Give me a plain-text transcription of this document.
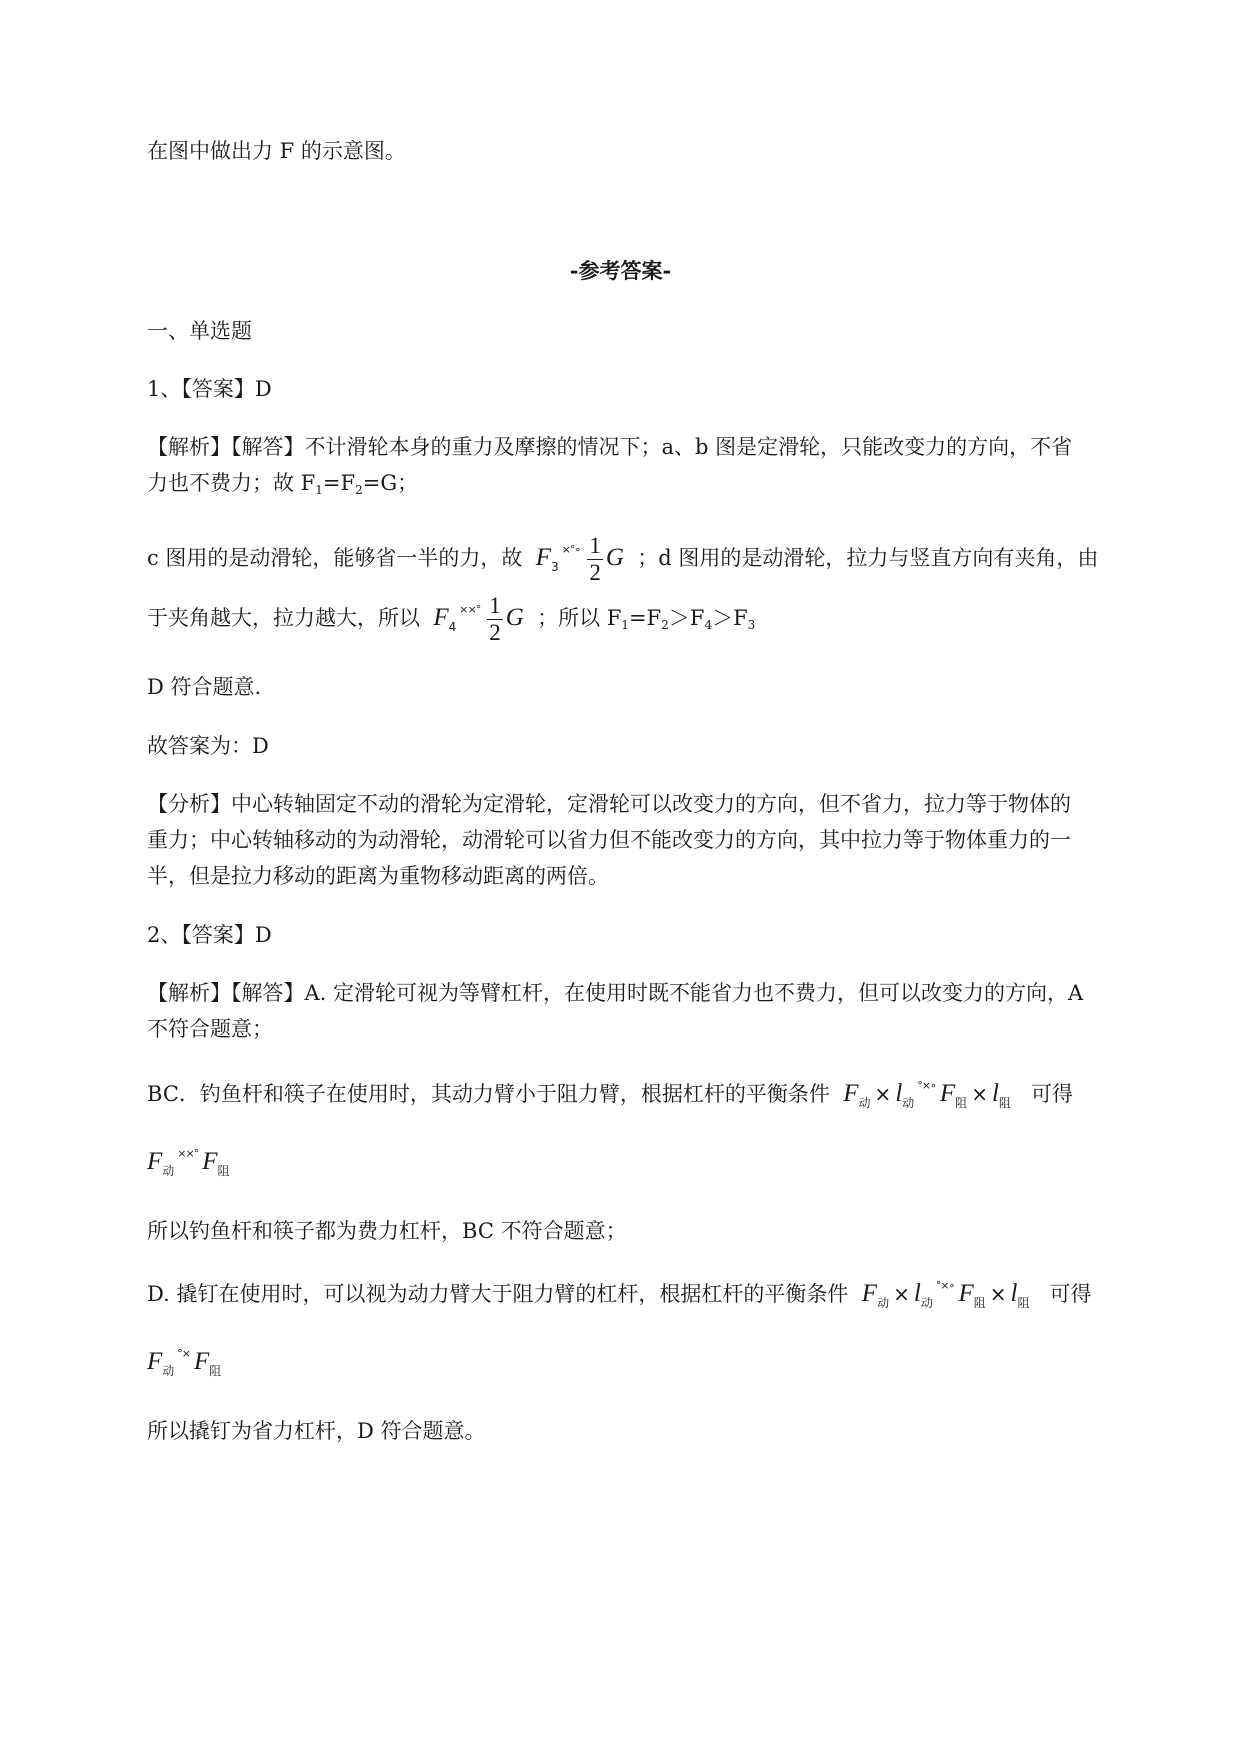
在图中做出力 F 的示意图。
-参考答案-
一、单选题
1、【答案】D
【解析】【解答】不计滑轮本身的重力及摩擦的情况下；a、b 图是定滑轮，只能改变力的方向，不省
力也不费力；故 $F_1=F_2=G$；
c 图用的是动滑轮，能够省一半的力，故 $F_3^{\times^\circ\circ} \frac{1}{2}$ G ；d 图用的是动滑轮，拉力与竖直方向有夹角，由
于夹角越大，拉力越大，所以 $F_4^{\times\times^\circ} \frac{1}{2}$ G ；所以 $F_1=F_2>F_4>F_3$
D 符合题意.
故答案为：D
【分析】中心转轴固定不动的滑轮为定滑轮，定滑轮可以改变力的方向，但不省力，拉力等于物体的
重力；中心转轴移动的为动滑轮，动滑轮可以省力但不能改变力的方向，其中拉力等于物体重力的一
半，但是拉力移动的距离为重物移动距离的两倍。
2、【答案】D
【解析】【解答】A. 定滑轮可视为等臂杠杆，在使用时既不能省力也不费力，但可以改变力的方向，A
不符合题意；
BC．钓鱼杆和筷子在使用时，其动力臂小于阻力臂，根据杠杆的平衡条件 $F_动 \times l_动^{^\circ\times\circ}$ $F_阻 \times l_阻$ 可得
$F_动^{\times\times^\circ}$ $F_阻$
所以钓鱼杆和筷子都为费力杠杆，BC 不符合题意；
D. 撬钉在使用时，可以视为动力臂大于阻力臂的杠杆，根据杠杆的平衡条件 $F_动 \times l_动^{^\circ\times\circ}$ $F_阻 \times l_阻$ 可得
$F_动^{^\circ\times}$ $F_阻$
所以撬钉为省力杠杆，D 符合题意。
